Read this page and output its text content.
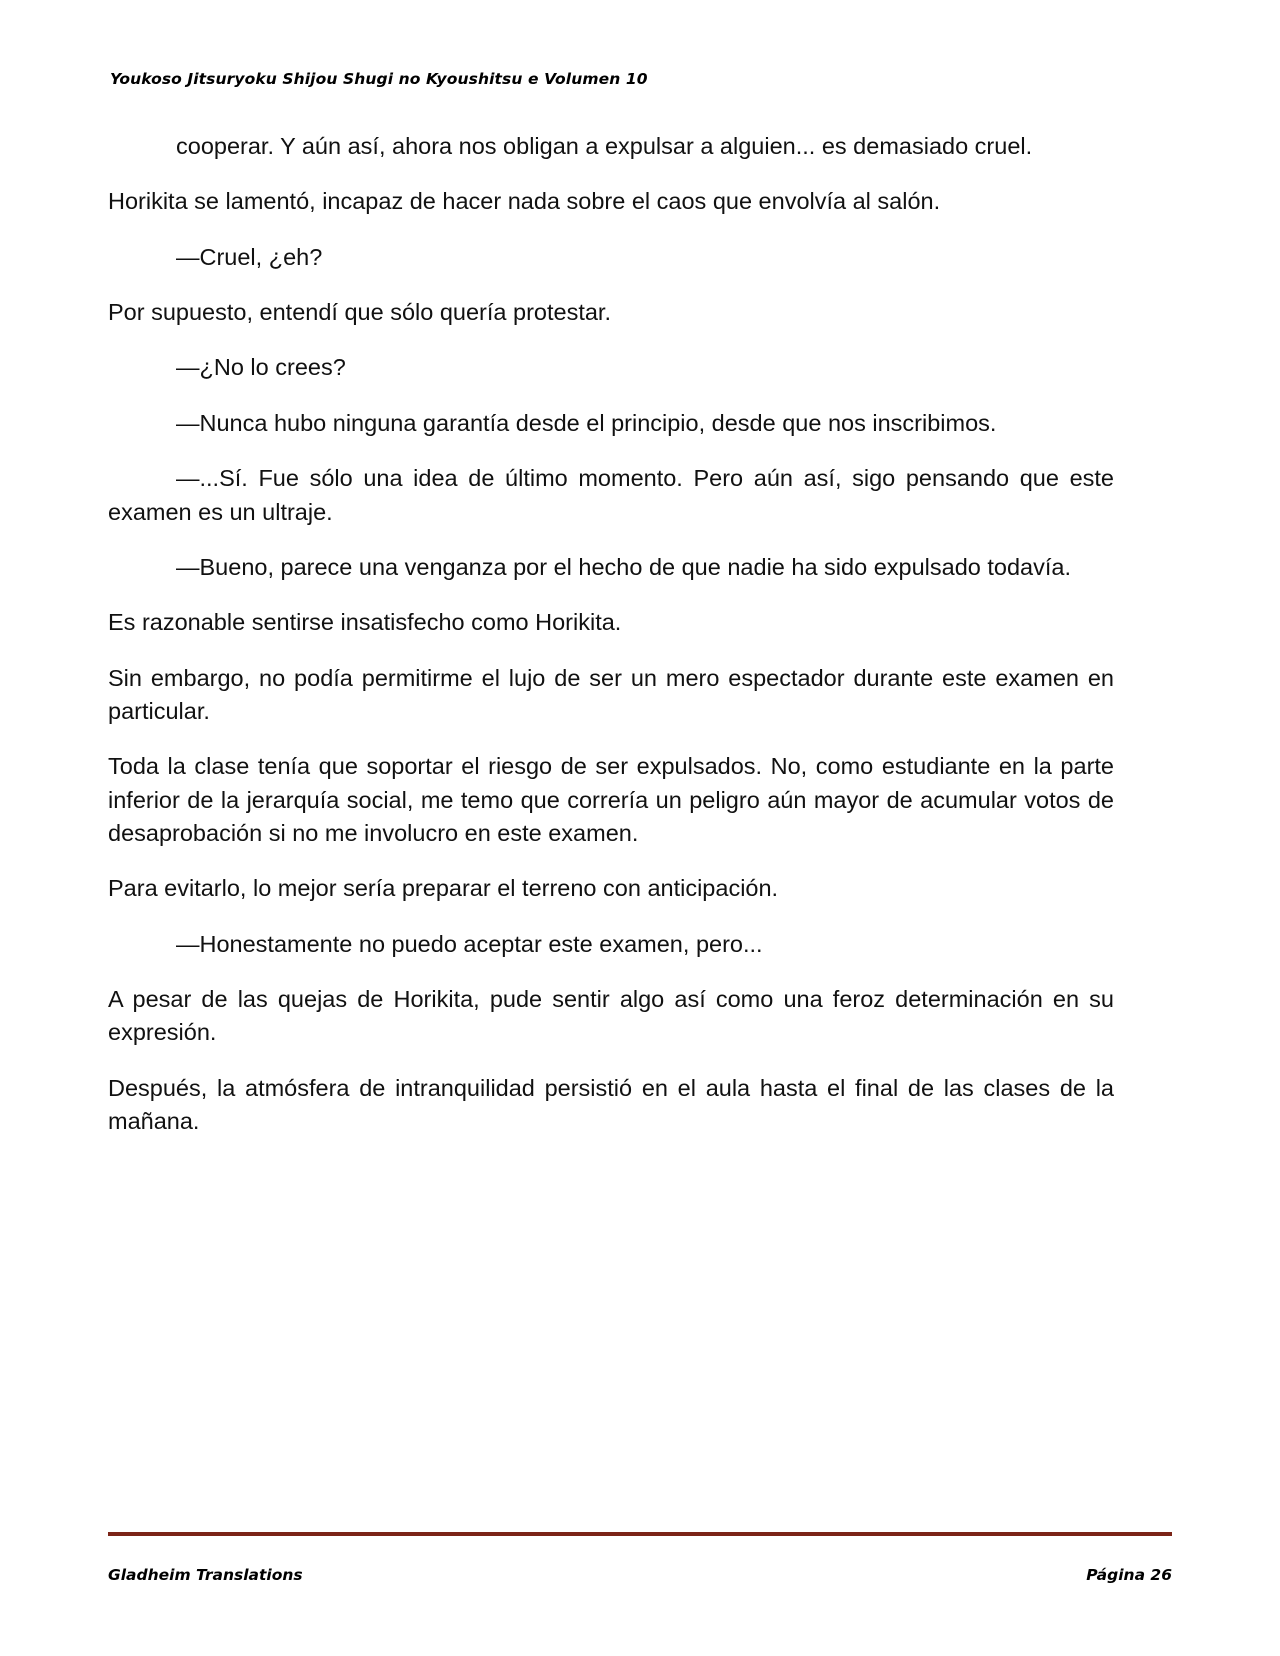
Youkoso Jitsuryoku Shijou Shugi no Kyoushitsu e Volumen 10

cooperar. Y aún así, ahora nos obligan a expulsar a alguien... es demasiado cruel.

Horikita se lamentó, incapaz de hacer nada sobre el caos que envolvía al salón.

—Cruel, ¿eh?

Por supuesto, entendí que sólo quería protestar.

—¿No lo crees?

—Nunca hubo ninguna garantía desde el principio, desde que nos inscribimos.

—...Sí. Fue sólo una idea de último momento. Pero aún así, sigo pensando que este examen es un ultraje.

—Bueno, parece una venganza por el hecho de que nadie ha sido expulsado todavía.

Es razonable sentirse insatisfecho como Horikita.

Sin embargo, no podía permitirme el lujo de ser un mero espectador durante este examen en particular.

Toda la clase tenía que soportar el riesgo de ser expulsados. No, como estudiante en la parte inferior de la jerarquía social, me temo que correría un peligro aún mayor de acumular votos de desaprobación si no me involucro en este examen.

Para evitarlo, lo mejor sería preparar el terreno con anticipación.

—Honestamente no puedo aceptar este examen, pero...

A pesar de las quejas de Horikita, pude sentir algo así como una feroz determinación en su expresión.

Después, la atmósfera de intranquilidad persistió en el aula hasta el final de las clases de la mañana.

Gladheim Translations	Página 26
